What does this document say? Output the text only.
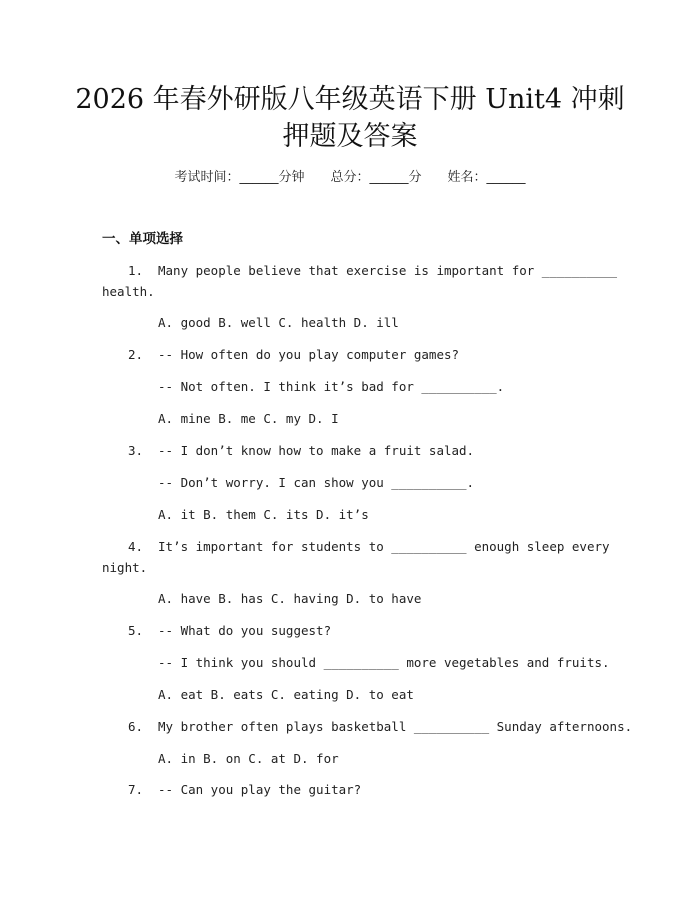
2026 年春外研版八年级英语下册 Unit4 冲刺
押题及答案
考试时间：______分钟 总分：______分 姓名：______
一、单项选择
1. Many people believe that exercise is important for __________
health.
A. good B. well C. health D. ill
2. -- How often do you play computer games?
-- Not often. I think it’s bad for __________.
A. mine B. me C. my D. I
3. -- I don’t know how to make a fruit salad.
-- Don’t worry. I can show you __________.
A. it B. them C. its D. it’s
4. It’s important for students to __________ enough sleep every
night.
A. have B. has C. having D. to have
5. -- What do you suggest?
-- I think you should __________ more vegetables and fruits.
A. eat B. eats C. eating D. to eat
6. My brother often plays basketball __________ Sunday afternoons.
A. in B. on C. at D. for
7. -- Can you play the guitar?
